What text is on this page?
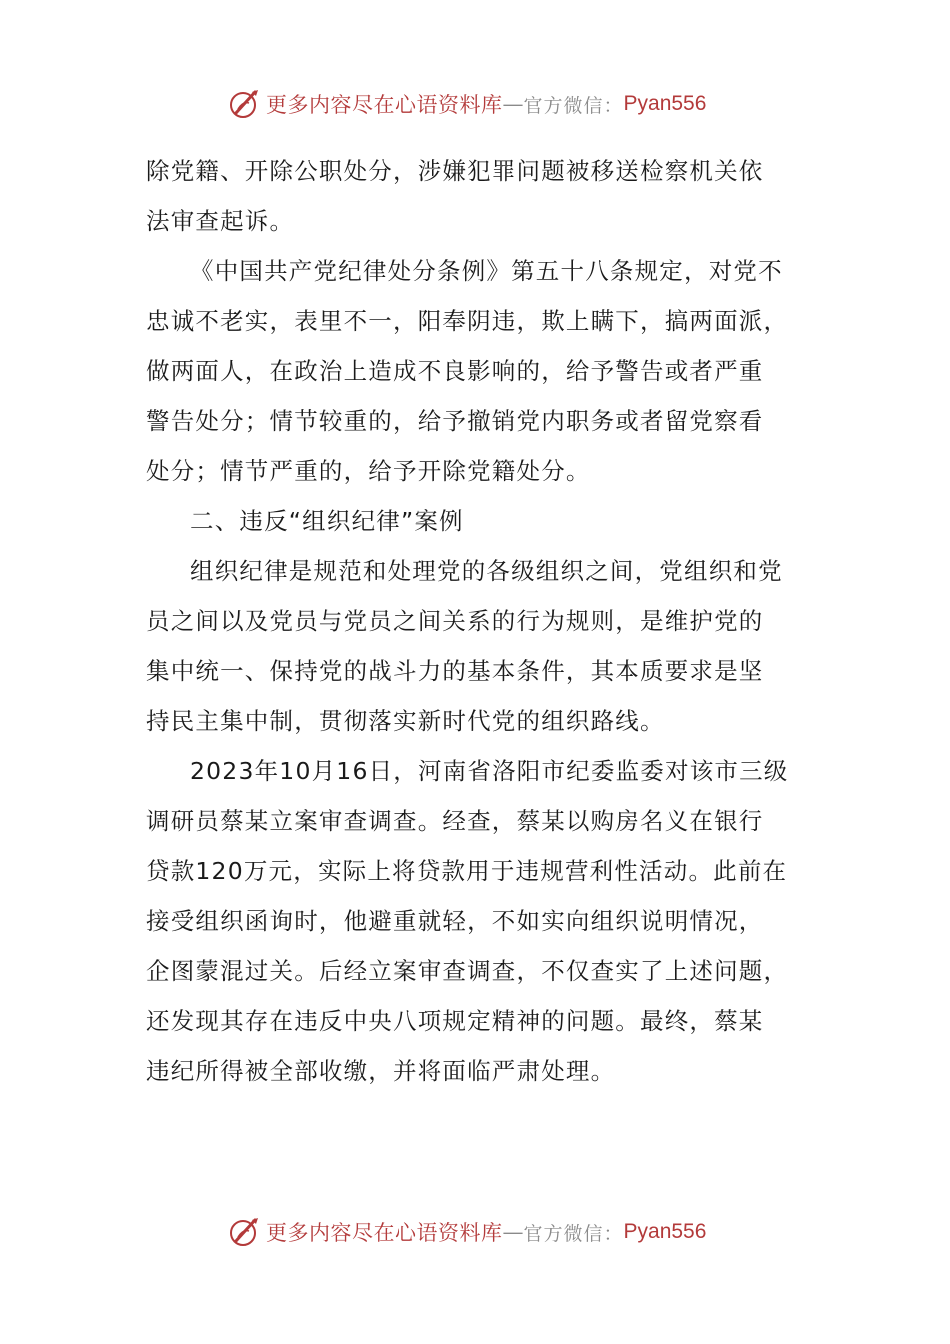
更多内容尽在心语资料库 — 官方微信： Pyan556
除党籍、开除公职处分，涉嫌犯罪问题被移送检察机关依
法审查起诉。
《中国共产党纪律处分条例》第五十八条规定，对党不
忠诚不老实，表里不一，阳奉阴违，欺上瞒下，搞两面派，
做两面人，在政治上造成不良影响的，给予警告或者严重
警告处分；情节较重的，给予撤销党内职务或者留党察看
处分；情节严重的，给予开除党籍处分。
二、违反“组织纪律”案例
组织纪律是规范和处理党的各级组织之间，党组织和党
员之间以及党员与党员之间关系的行为规则，是维护党的
集中统一、保持党的战斗力的基本条件，其本质要求是坚
持民主集中制，贯彻落实新时代党的组织路线。
2023年10月16日，河南省洛阳市纪委监委对该市三级
调研员蔡某立案审查调查。经查，蔡某以购房名义在银行
贷款120万元，实际上将贷款用于违规营利性活动。此前在
接受组织函询时，他避重就轻，不如实向组织说明情况，
企图蒙混过关。后经立案审查调查，不仅查实了上述问题，
还发现其存在违反中央八项规定精神的问题。最终，蔡某
违纪所得被全部收缴，并将面临严肃处理。
更多内容尽在心语资料库 — 官方微信： Pyan556
